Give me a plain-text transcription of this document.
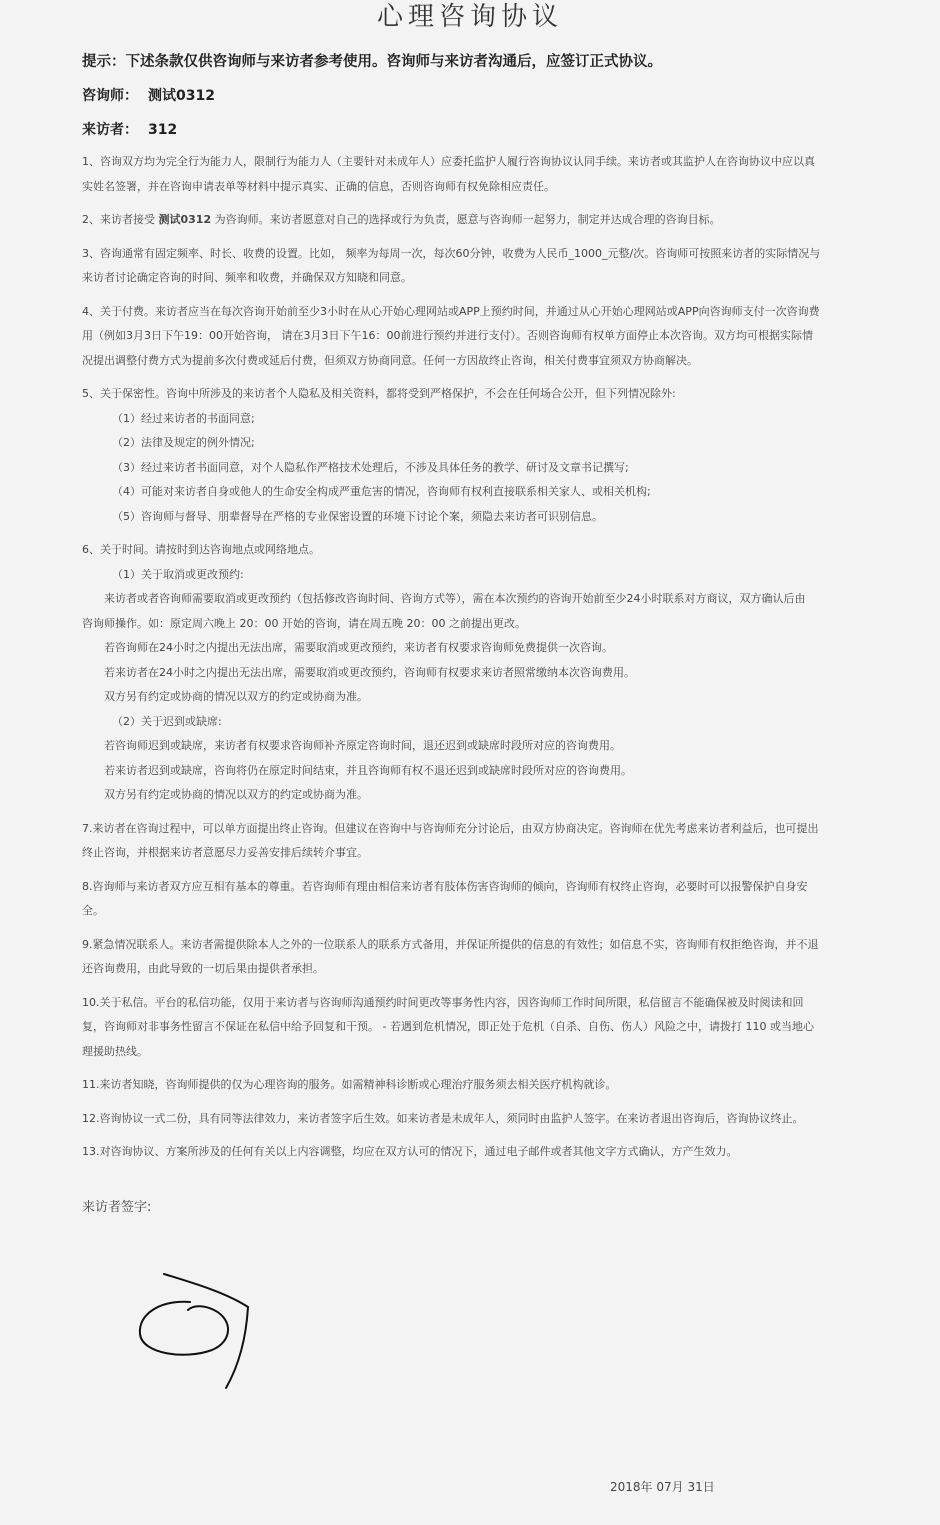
心理咨询协议
提示：下述条款仅供咨询师与来访者参考使用。咨询师与来访者沟通后，应签订正式协议。
咨询师： 测试0312
来访者： 312
1、咨询双方均为完全行为能力人，限制行为能力人（主要针对未成年人）应委托监护人履行咨询协议认同手续。来访者或其监护人在咨询协议中应以真
实姓名签署，并在咨询申请表单等材料中提示真实、正确的信息，否则咨询师有权免除相应责任。
2、来访者接受 测试0312 为咨询师。来访者愿意对自己的选择或行为负责，愿意与咨询师一起努力，制定并达成合理的咨询目标。
3、咨询通常有固定频率、时长、收费的设置。比如， 频率为每周一次，每次60分钟，收费为人民币_1000_元整/次。咨询师可按照来访者的实际情况与
来访者讨论确定咨询的时间、频率和收费，并确保双方知晓和同意。
4、关于付费。来访者应当在每次咨询开始前至少3小时在从心开始心理网站或APP上预约时间，并通过从心开始心理网站或APP向咨询师支付一次咨询费
用（例如3月3日下午19：00开始咨询， 请在3月3日下午16：00前进行预约并进行支付）。否则咨询师有权单方面停止本次咨询。双方均可根据实际情
况提出调整付费方式为提前多次付费或延后付费，但须双方协商同意。任何一方因故终止咨询，相关付费事宜须双方协商解决。
5、关于保密性。咨询中所涉及的来访者个人隐私及相关资料，都将受到严格保护，不会在任何场合公开，但下列情况除外:
（1）经过来访者的书面同意;
（2）法律及规定的例外情况;
（3）经过来访者书面同意，对个人隐私作严格技术处理后，不涉及具体任务的教学、研讨及文章书记撰写;
（4）可能对来访者自身或他人的生命安全构成严重危害的情况，咨询师有权利直接联系相关家人、或相关机构;
（5）咨询师与督导、朋辈督导在严格的专业保密设置的环境下讨论个案，须隐去来访者可识别信息。
6、关于时间。请按时到达咨询地点或网络地点。
（1）关于取消或更改预约:
来访者或者咨询师需要取消或更改预约（包括修改咨询时间、咨询方式等），需在本次预约的咨询开始前至少24小时联系对方商议，双方确认后由
咨询师操作。如：原定周六晚上 20：00 开始的咨询，请在周五晚 20：00 之前提出更改。
若咨询师在24小时之内提出无法出席，需要取消或更改预约，来访者有权要求咨询师免费提供一次咨询。
若来访者在24小时之内提出无法出席，需要取消或更改预约，咨询师有权要求来访者照常缴纳本次咨询费用。
双方另有约定或协商的情况以双方的约定或协商为准。
（2）关于迟到或缺席:
若咨询师迟到或缺席，来访者有权要求咨询师补齐原定咨询时间，退还迟到或缺席时段所对应的咨询费用。
若来访者迟到或缺席，咨询将仍在原定时间结束，并且咨询师有权不退还迟到或缺席时段所对应的咨询费用。
双方另有约定或协商的情况以双方的约定或协商为准。
7.来访者在咨询过程中，可以单方面提出终止咨询。但建议在咨询中与咨询师充分讨论后，由双方协商决定。咨询师在优先考虑来访者利益后，也可提出
终止咨询，并根据来访者意愿尽力妥善安排后续转介事宜。
8.咨询师与来访者双方应互相有基本的尊重。若咨询师有理由相信来访者有肢体伤害咨询师的倾向，咨询师有权终止咨询，必要时可以报警保护自身安
全。
9.紧急情况联系人。来访者需提供除本人之外的一位联系人的联系方式备用，并保证所提供的信息的有效性；如信息不实，咨询师有权拒绝咨询，并不退
还咨询费用，由此导致的一切后果由提供者承担。
10.关于私信。平台的私信功能，仅用于来访者与咨询师沟通预约时间更改等事务性内容，因咨询师工作时间所限，私信留言不能确保被及时阅读和回
复，咨询师对非事务性留言不保证在私信中给予回复和干预。 - 若遇到危机情况，即正处于危机（自杀、自伤、伤人）风险之中，请拨打 110 或当地心
理援助热线。
11.来访者知晓，咨询师提供的仅为心理咨询的服务。如需精神科诊断或心理治疗服务须去相关医疗机构就诊。
12.咨询协议一式二份，具有同等法律效力，来访者签字后生效。如来访者是未成年人，须同时由监护人签字。在来访者退出咨询后，咨询协议终止。
13.对咨询协议、方案所涉及的任何有关以上内容调整，均应在双方认可的情况下，通过电子邮件或者其他文字方式确认，方产生效力。
来访者签字:
2018年 07月 31日
